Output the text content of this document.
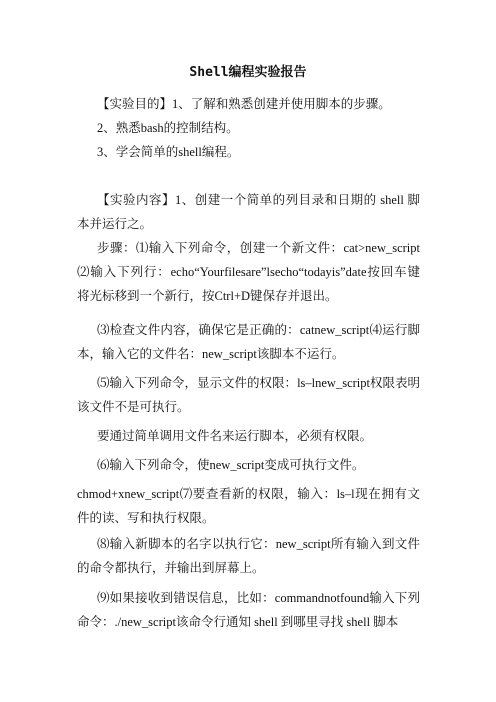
Shell编程实验报告

【实验目的】1、了解和熟悉创建并使用脚本的步骤。

2、熟悉bash的控制结构。

3、学会简单的shell编程。

【实验内容】1、创建一个简单的列目录和日期的 shell 脚本并运行之。

步骤：⑴输入下列命令，创建一个新文件：cat>new_script⑵输入下列行：echo“Yourfilesare”lsecho“todayis”date按回车键将光标移到一个新行，按Ctrl+D键保存并退出。

⑶检查文件内容，确保它是正确的：catnew_script⑷运行脚本，输入它的文件名：new_script该脚本不运行。

⑸输入下列命令，显示文件的权限：ls–lnew_script权限表明该文件不是可执行。

要通过简单调用文件名来运行脚本，必须有权限。

⑹输入下列命令，使new_script变成可执行文件。

chmod+xnew_script⑺要查看新的权限，输入：ls–l现在拥有文件的读、写和执行权限。

⑻输入新脚本的名字以执行它：new_script所有输入到文件的命令都执行，并输出到屏幕上。

⑼如果接收到错误信息，比如：commandnotfound输入下列命令：./new_script该命令行通知 shell 到哪里寻找 shell 脚本
